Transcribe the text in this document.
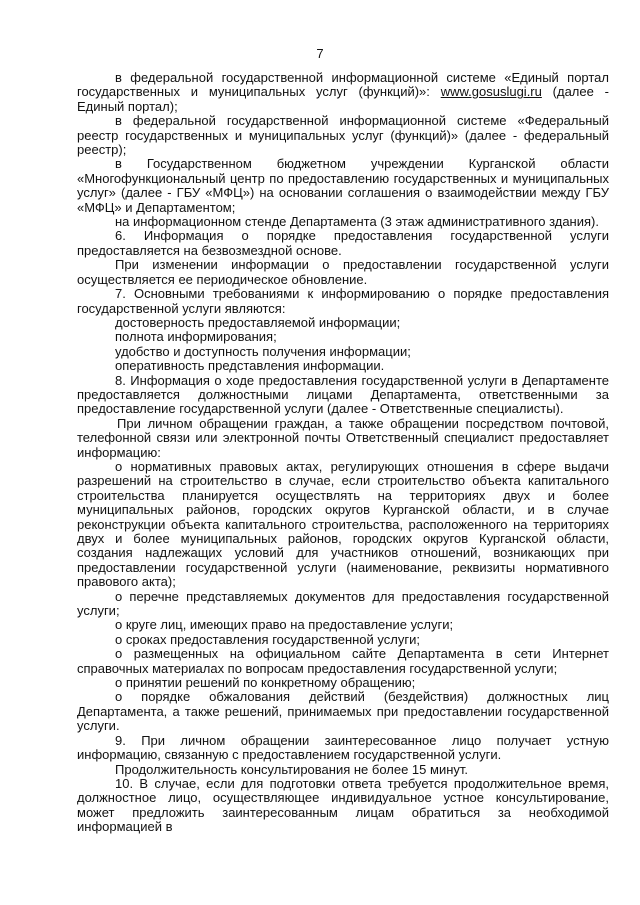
7

в федеральной государственной информационной системе «Единый портал государственных и муниципальных услуг (функций)»: www.gosuslugi.ru (далее - Единый портал);

в федеральной государственной информационной системе «Федеральный реестр государственных и муниципальных услуг (функций)» (далее - федеральный реестр);

в Государственном бюджетном учреждении Курганской области «Многофункциональный центр по предоставлению государственных и муниципальных услуг» (далее - ГБУ «МФЦ») на основании соглашения о взаимодействии между ГБУ «МФЦ» и Департаментом;

на информационном стенде Департамента (3 этаж административного здания).

6. Информация о порядке предоставления государственной услуги предоставляется на безвозмездной основе.

При изменении информации о предоставлении государственной услуги осуществляется ее периодическое обновление.

7. Основными требованиями к информированию о порядке предоставления государственной услуги являются:

достоверность предоставляемой информации;

полнота информирования;

удобство и доступность получения информации;

оперативность представления информации.

8. Информация о ходе предоставления государственной услуги в Департаменте предоставляется должностными лицами Департамента, ответственными за предоставление государственной услуги (далее - Ответственные специалисты).

При личном обращении граждан, а также обращении посредством почтовой, телефонной связи или электронной почты Ответственный специалист предоставляет информацию:

о нормативных правовых актах, регулирующих отношения в сфере выдачи разрешений на строительство в случае, если строительство объекта капитального строительства планируется осуществлять на территориях двух и более муниципальных районов, городских округов Курганской области, и в случае реконструкции объекта капитального строительства, расположенного на территориях двух и более муниципальных районов, городских округов Курганской области, создания надлежащих условий для участников отношений, возникающих при предоставлении государственной услуги (наименование, реквизиты нормативного правового акта);

о перечне представляемых документов для предоставления государственной услуги;

о круге лиц, имеющих право на предоставление услуги;

о сроках предоставления государственной услуги;

о размещенных на официальном сайте Департамента в сети Интернет справочных материалах по вопросам предоставления государственной услуги;

о принятии решений по конкретному обращению;

о порядке обжалования действий (бездействия) должностных лиц Департамента, а также решений, принимаемых при предоставлении государственной услуги.

9. При личном обращении заинтересованное лицо получает устную информацию, связанную с предоставлением государственной услуги.

Продолжительность консультирования не более 15 минут.

10. В случае, если для подготовки ответа требуется продолжительное время, должностное лицо, осуществляющее индивидуальное устное консультирование, может предложить заинтересованным лицам обратиться за необходимой информацией в
